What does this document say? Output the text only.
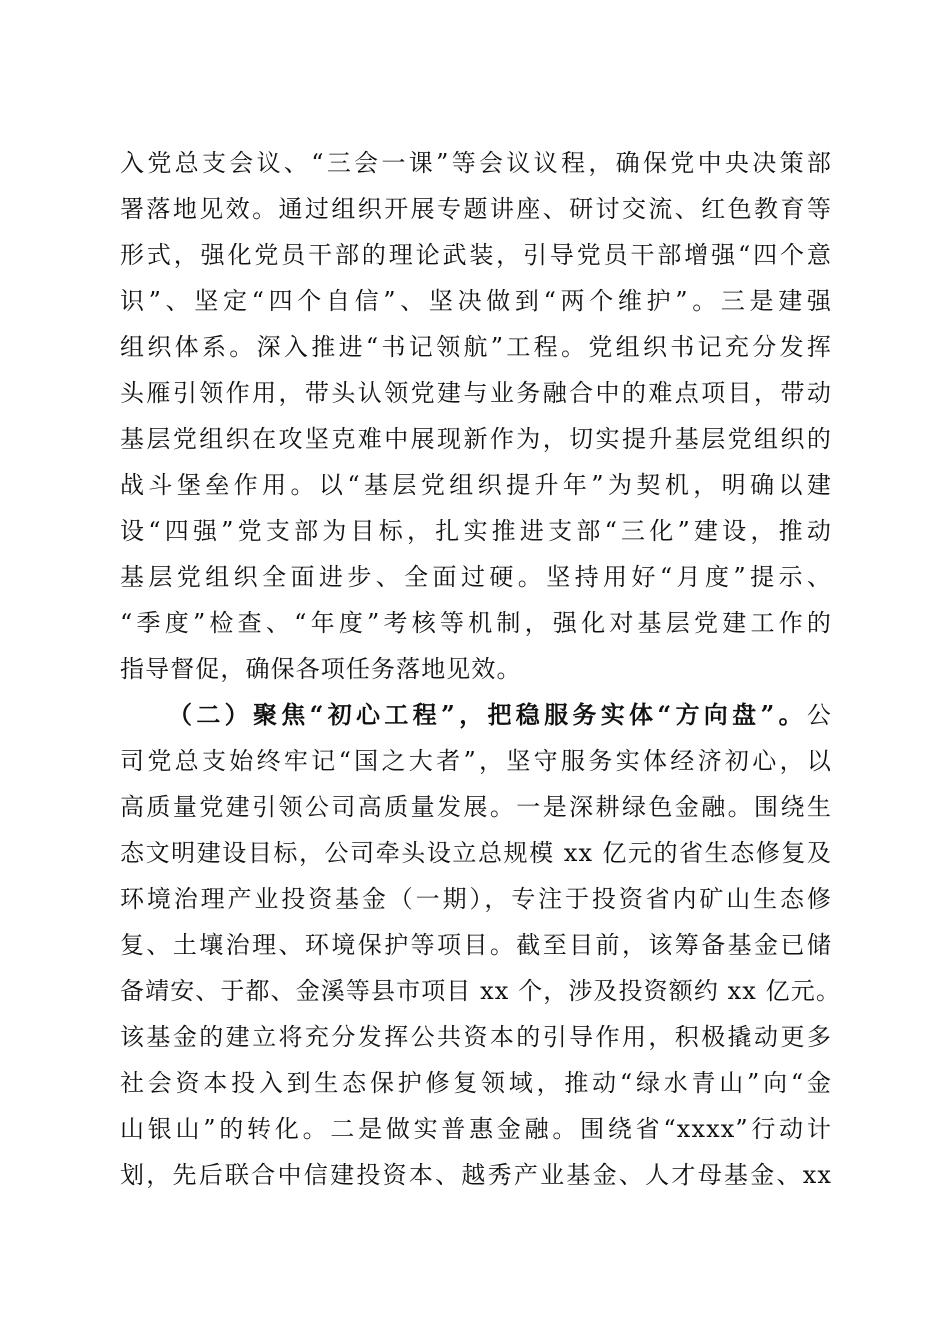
入党总支会议、“三会一课”等会议议程，确保党中央决策部
署落地见效。通过组织开展专题讲座、研讨交流、红色教育等
形式，强化党员干部的理论武装，引导党员干部增强“四个意
识”、坚定“四个自信”、坚决做到“两个维护”。三是建强
组织体系。深入推进“书记领航”工程。党组织书记充分发挥
头雁引领作用，带头认领党建与业务融合中的难点项目，带动
基层党组织在攻坚克难中展现新作为，切实提升基层党组织的
战斗堡垒作用。以“基层党组织提升年”为契机，明确以建
设“四强”党支部为目标，扎实推进支部“三化”建设，推动
基层党组织全面进步、全面过硬。坚持用好“月度”提示、
“季度”检查、“年度”考核等机制，强化对基层党建工作的
指导督促，确保各项任务落地见效。
（二）聚焦“初心工程”，把稳服务实体“方向盘”。公
司党总支始终牢记“国之大者”，坚守服务实体经济初心，以
高质量党建引领公司高质量发展。一是深耕绿色金融。围绕生
态文明建设目标，公司牵头设立总规模 xx 亿元的省生态修复及
环境治理产业投资基金（一期），专注于投资省内矿山生态修
复、土壤治理、环境保护等项目。截至目前，该筹备基金已储
备靖安、于都、金溪等县市项目 xx 个，涉及投资额约 xx 亿元。
该基金的建立将充分发挥公共资本的引导作用，积极撬动更多
社会资本投入到生态保护修复领域，推动“绿水青山”向“金
山银山”的转化。二是做实普惠金融。围绕省“xxxx”行动计
划，先后联合中信建投资本、越秀产业基金、人才母基金、xx
